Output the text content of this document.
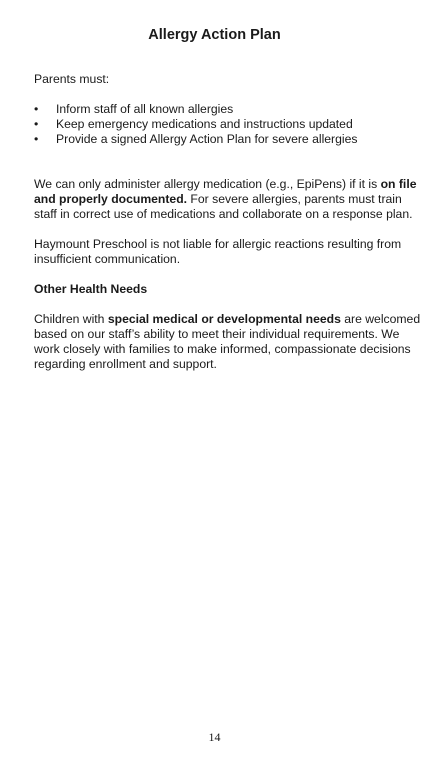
Allergy Action Plan

Parents must:

• Inform staff of all known allergies
• Keep emergency medications and instructions updated
• Provide a signed Allergy Action Plan for severe allergies

We can only administer allergy medication (e.g., EpiPens) if it is on file and properly documented. For severe allergies, parents must train staff in correct use of medications and collaborate on a response plan.

Haymount Preschool is not liable for allergic reactions resulting from insufficient communication.

Other Health Needs

Children with special medical or developmental needs are welcomed based on our staff’s ability to meet their individual requirements. We work closely with families to make informed, compassionate decisions regarding enrollment and support.

14
